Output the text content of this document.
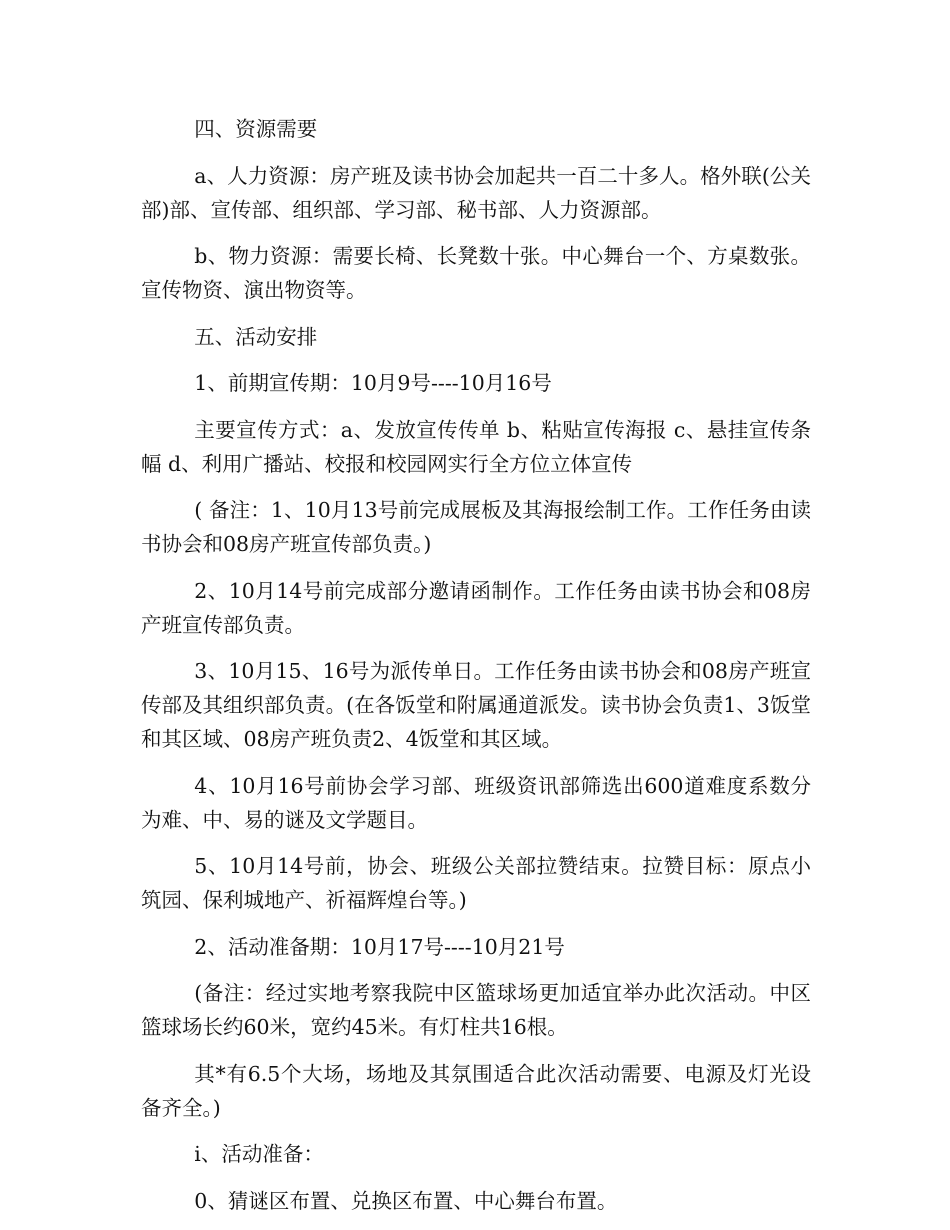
四、资源需要

a、人力资源：房产班及读书协会加起共一百二十多人。格外联(公关部)部、宣传部、组织部、学习部、秘书部、人力资源部。

b、物力资源：需要长椅、长凳数十张。中心舞台一个、方桌数张。宣传物资、演出物资等。

五、活动安排

1、前期宣传期：10月9号----10月16号

主要宣传方式：a、发放宣传传单 b、粘贴宣传海报 c、悬挂宣传条幅 d、利用广播站、校报和校园网实行全方位立体宣传

( 备注：1、10月13号前完成展板及其海报绘制工作。工作任务由读书协会和08房产班宣传部负责。)

2、10月14号前完成部分邀请函制作。工作任务由读书协会和08房产班宣传部负责。

3、10月15、16号为派传单日。工作任务由读书协会和08房产班宣传部及其组织部负责。(在各饭堂和附属通道派发。读书协会负责1、3饭堂和其区域、08房产班负责2、4饭堂和其区域。

4、10月16号前协会学习部、班级资讯部筛选出600道难度系数分为难、中、易的谜及文学题目。

5、10月14号前，协会、班级公关部拉赞结束。拉赞目标：原点小筑园、保利城地产、祈福辉煌台等。)

2、活动准备期：10月17号----10月21号

(备注：经过实地考察我院中区篮球场更加适宜举办此次活动。中区篮球场长约60米，宽约45米。有灯柱共16根。

其*有6.5个大场，场地及其氛围适合此次活动需要、电源及灯光设备齐全。)

i、活动准备：

0、猜谜区布置、兑换区布置、中心舞台布置。
